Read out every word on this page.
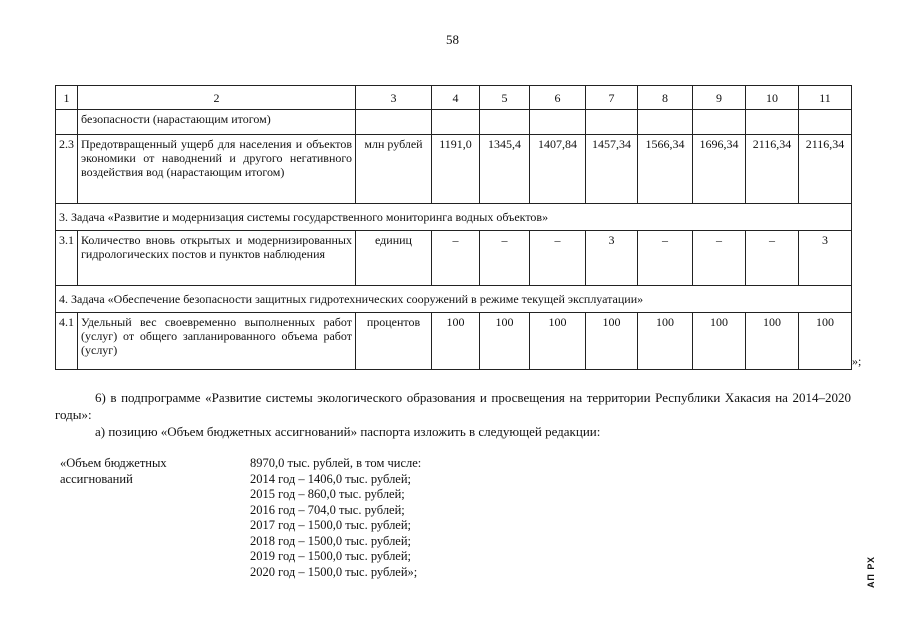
58
1	2	3	4	5	6	7	8	9	10	11
	безопасности (нарастающим итогом)									
2.3	Предотвращенный ущерб для населения и объектов экономики от наводнений и другого негативного воздействия вод (нарастающим итогом)	млн рублей	1191,0	1345,4	1407,84	1457,34	1566,34	1696,34	2116,34	2116,34
3. Задача «Развитие и модернизация системы государственного мониторинга водных объектов»										
3.1	Количество вновь открытых и модернизированных гидрологических постов и пунктов наблюдения	единиц	–	–	–	3	–	–	–	3
4. Задача «Обеспечение безопасности защитных гидротехнических сооружений в режиме текущей эксплуатации»										
4.1	Удельный вес своевременно выполненных работ (услуг) от общего запланированного объема работ (услуг)	процентов	100	100	100	100	100	100	100	100
»;
6) в подпрограмме «Развитие системы экологического образования и просвещения на территории Республики Хакасия на 2014–2020 годы»:
а) позицию «Объем бюджетных ассигнований» паспорта изложить в следующей редакции:
«Объем бюджетных ассигнований
8970,0 тыс. рублей, в том числе:
2014 год – 1406,0 тыс. рублей;
2015 год – 860,0 тыс. рублей;
2016 год – 704,0 тыс. рублей;
2017 год – 1500,0 тыс. рублей;
2018 год – 1500,0 тыс. рублей;
2019 год – 1500,0 тыс. рублей;
2020 год – 1500,0 тыс. рублей»;	АП РХ
